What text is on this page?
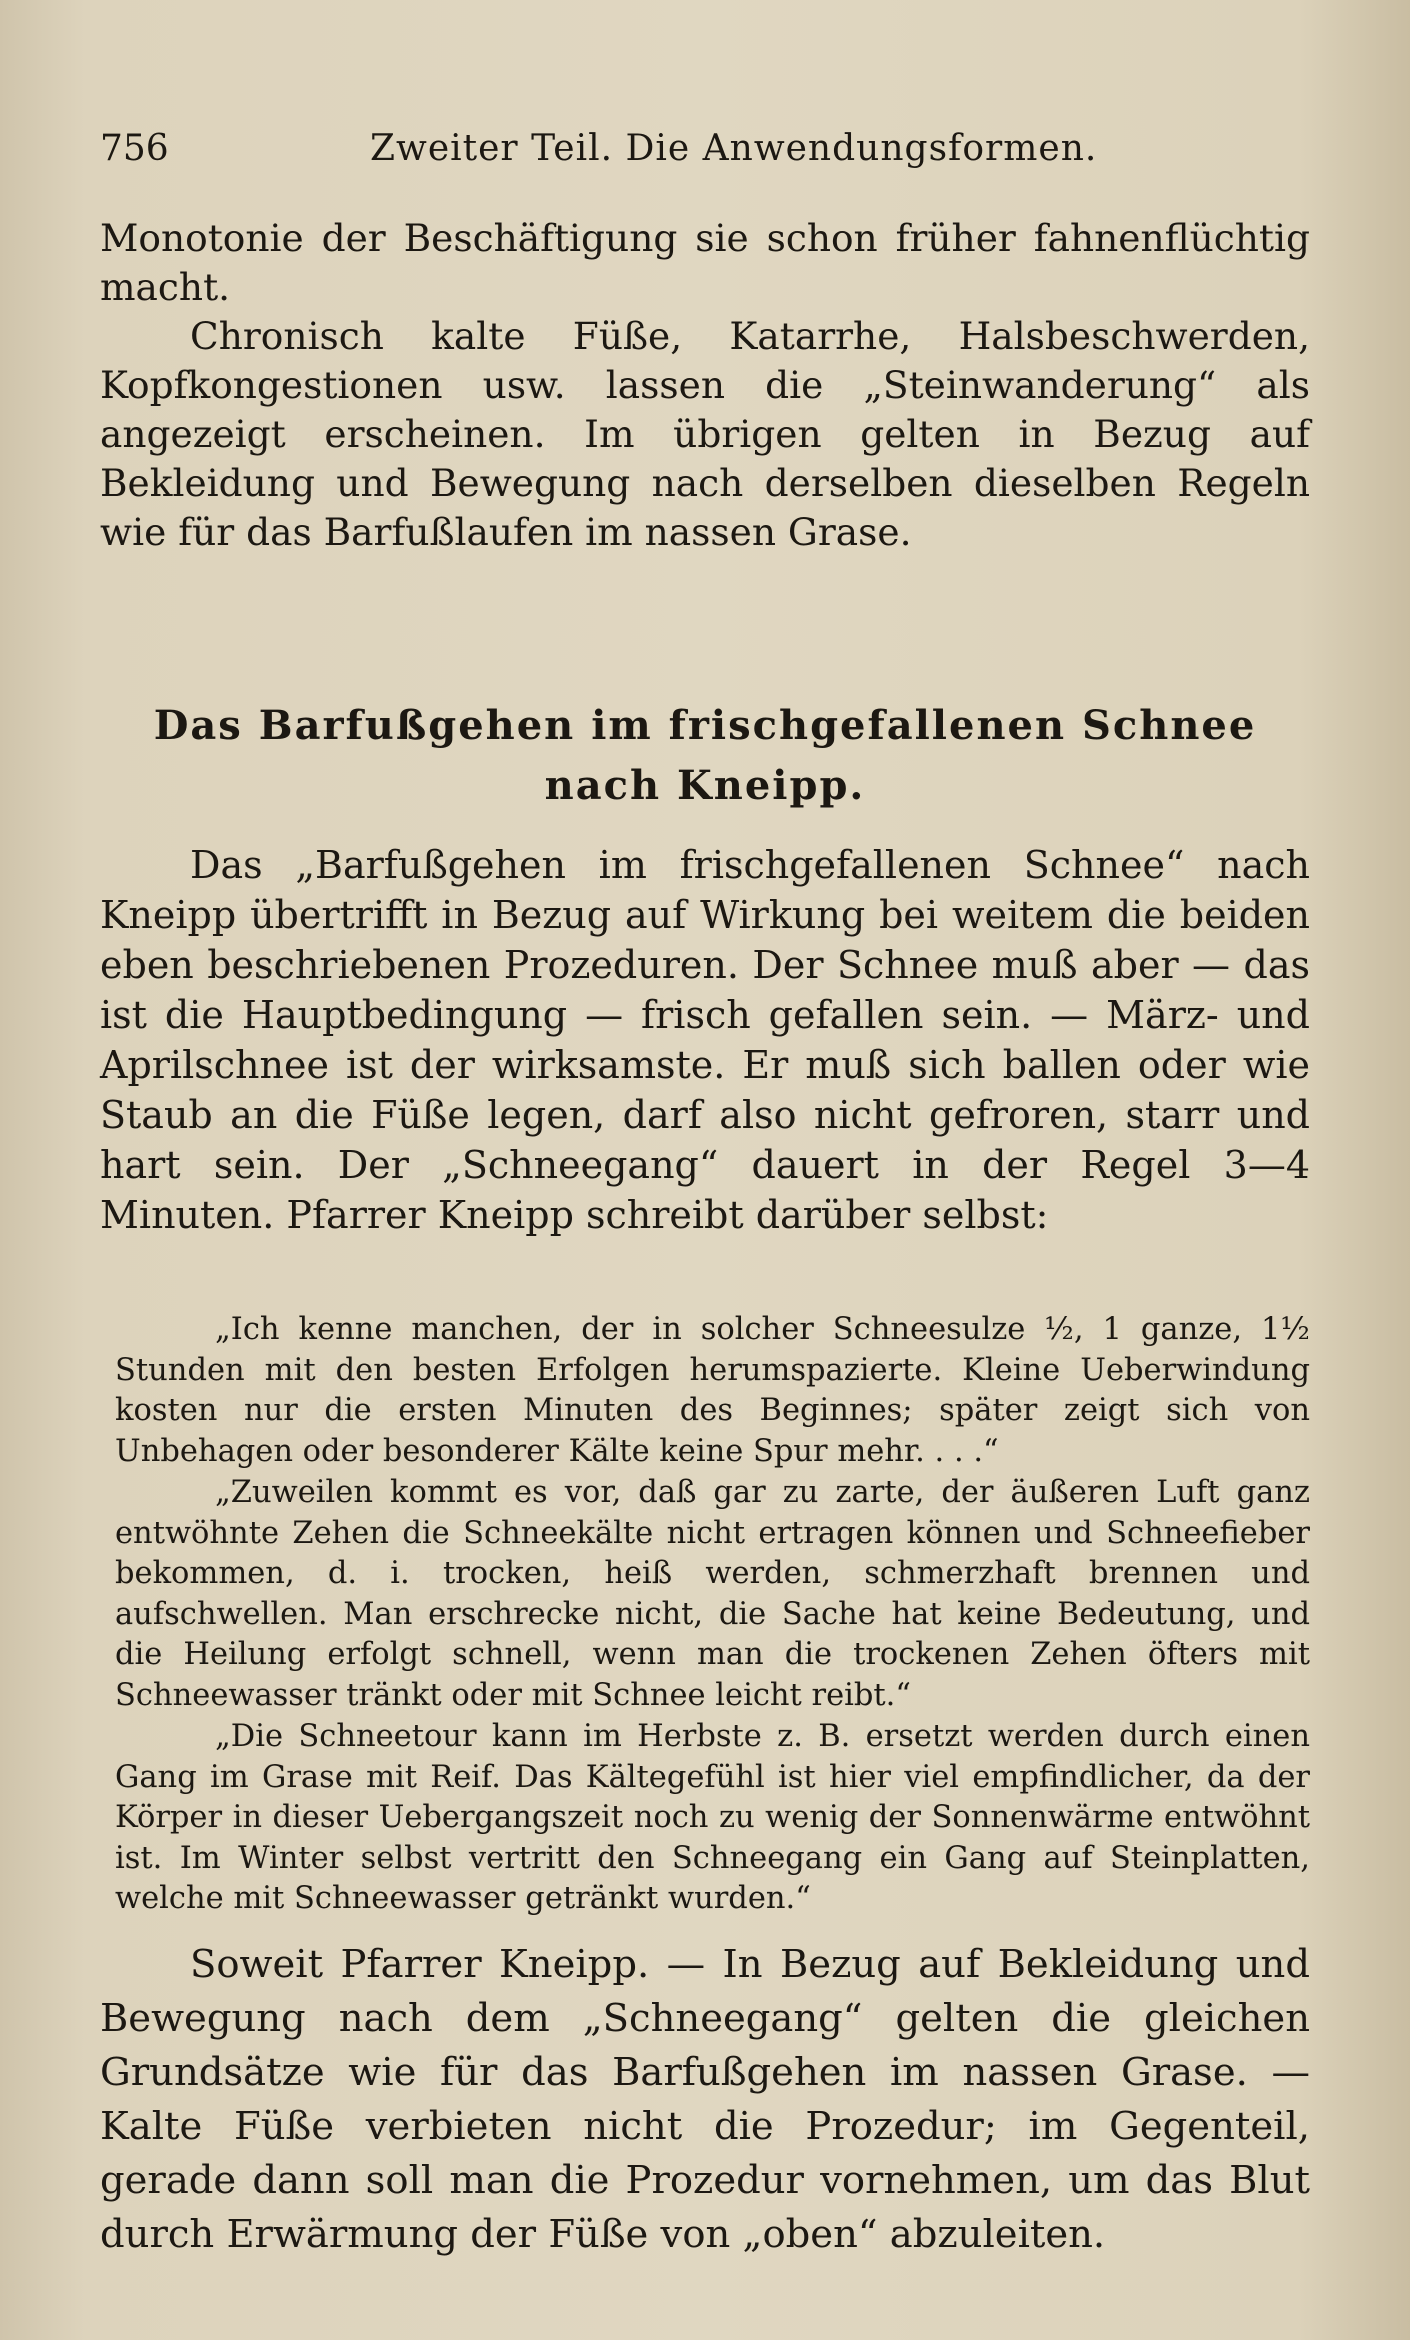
756	Zweiter Teil. Die Anwendungsformen.

Monotonie der Beschäftigung sie schon früher fahnenflüchtig macht.

Chronisch kalte Füße, Katarrhe, Halsbeschwerden, Kopfkongestionen usw. lassen die „Steinwanderung“ als angezeigt erscheinen. Im übrigen gelten in Bezug auf Bekleidung und Bewegung nach derselben dieselben Regeln wie für das Barfußlaufen im nassen Grase.

Das Barfußgehen im frischgefallenen Schnee
nach Kneipp.

Das „Barfußgehen im frischgefallenen Schnee“ nach Kneipp übertrifft in Bezug auf Wirkung bei weitem die beiden eben beschriebenen Prozeduren. Der Schnee muß aber — das ist die Hauptbedingung — frisch gefallen sein. — März- und Aprilschnee ist der wirksamste. Er muß sich ballen oder wie Staub an die Füße legen, darf also nicht gefroren, starr und hart sein. Der „Schneegang“ dauert in der Regel 3—4 Minuten. Pfarrer Kneipp schreibt darüber selbst:

„Ich kenne manchen, der in solcher Schneesulze ½, 1 ganze, 1½ Stunden mit den besten Erfolgen herumspazierte. Kleine Ueberwindung kosten nur die ersten Minuten des Beginnes; später zeigt sich von Unbehagen oder besonderer Kälte keine Spur mehr. . . .“

„Zuweilen kommt es vor, daß gar zu zarte, der äußeren Luft ganz entwöhnte Zehen die Schneekälte nicht ertragen können und Schneefieber bekommen, d. i. trocken, heiß werden, schmerzhaft brennen und aufschwellen. Man erschrecke nicht, die Sache hat keine Bedeutung, und die Heilung erfolgt schnell, wenn man die trockenen Zehen öfters mit Schneewasser tränkt oder mit Schnee leicht reibt.“

„Die Schneetour kann im Herbste z. B. ersetzt werden durch einen Gang im Grase mit Reif. Das Kältegefühl ist hier viel empfindlicher, da der Körper in dieser Uebergangszeit noch zu wenig der Sonnenwärme entwöhnt ist. Im Winter selbst vertritt den Schneegang ein Gang auf Steinplatten, welche mit Schneewasser getränkt wurden.“

Soweit Pfarrer Kneipp. — In Bezug auf Bekleidung und Bewegung nach dem „Schneegang“ gelten die gleichen Grundsätze wie für das Barfußgehen im nassen Grase. — Kalte Füße verbieten nicht die Prozedur; im Gegenteil, gerade dann soll man die Prozedur vornehmen, um das Blut durch Erwärmung der Füße von „oben“ abzuleiten.
